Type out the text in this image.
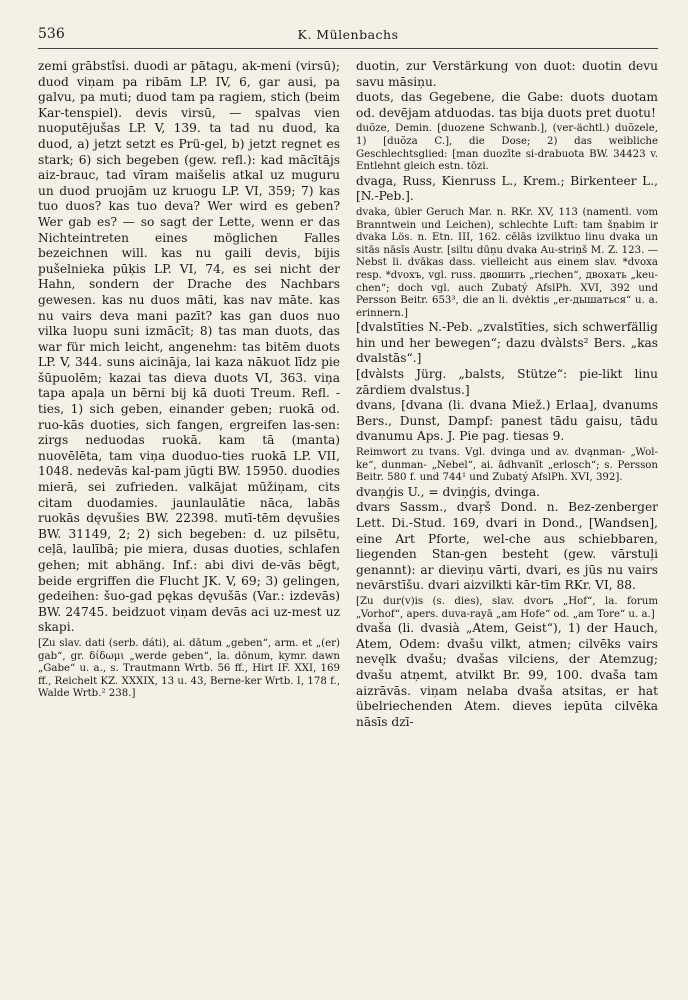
536	K. Mülenbachs

zemi grābstîsi. duodi ar pātagu, ak-meni (virsū); duod viņam pa ribām LP. IV, 6, gar ausi, pa galvu, pa muti; duod tam pa ragiem, stich (beim Kar-tenspiel). devis virsū, — spalvas vien nuoputējušas LP. V, 139. ta tad nu duod, ka duod, a) jetzt setzt es Prü-gel, b) jetzt regnet es stark; 6) sich begeben (gew. refl.): kad mācītājs aiz-brauc, tad vīram maišelis atkal uz muguru un duod pruojām uz kruogu LP. VI, 359; 7) kas tuo duos? kas tuo deva? Wer wird es geben? Wer gab es? — so sagt der Lette, wenn er das Nichteintreten eines möglichen Falles bezeichnen will. kas nu gaili devis, bijis pušelnieka pūķis LP. VI, 74, es sei nicht der Hahn, sondern der Drache des Nachbars gewesen. kas nu duos māti, kas nav māte. kas nu vairs deva mani pazīt? kas gan duos nuo vilka luopu suni izmācīt; 8) tas man duots, das war für mich leicht, angenehm: tas bitēm duots LP. V, 344. suns aicināja, lai kaza nākuot līdz pie šūpuolēm; kazai tas dieva duots VI, 363. viņa tapa apaļa un bērni bij kā duoti Treum. Refl. -ties, 1) sich geben, einander geben; ruokā od. ruo-kās duoties, sich fangen, ergreifen las-sen: zirgs neduodas ruokā. kam tā (manta) nuovēlēta, tam viņa duoduo-ties ruokā LP. VII, 1048. nedevās kal-pam jūgti BW. 15950. duodies mierā, sei zufrieden. valkājat mūžiņam, cits citam duodamies. jaunlaulātie nāca, labās ruokās dęvušies BW. 22398. mutī-tēm dęvušies BW. 31149, 2; 2) sich begeben: d. uz pilsētu, ceļā, laulībā; pie miera, dusas duoties, schlafen gehen; mit abhäng. Inf.: abi divi de-vās bēgt, beide ergriffen die Flucht JK. V, 69; 3) gelingen, gedeihen: šuo-gad pękas dęvušās (Var.: izdevās) BW. 24745. beidzuot viņam devās aci uz-mest uz skapi.

[Zu slav. dati (serb. dáti), ai. dātum „geben“, arm. et „(er) gab“, gr. δίδωμι „werde geben“, la. dōnum, kymr. dawn „Gabe“ u. a., s. Trautmann Wrtb. 56 ff., Hirt IF. XXI, 169 ff., Reichelt KZ. XXXIX, 13 u. 43, Berne-ker Wrtb. I, 178 f., Walde Wrtb.² 238.]

duotin, zur Verstärkung von duot: duotin devu savu māsiņu.

duots, das Gegebene, die Gabe: duots duotam od. devējam atduodas. tas bija duots pret duotu!

duõze, Demin. [duozene Schwanb.], (ver-ächtl.) duõzele, 1) [duõza C.], die Dose; 2) das weibliche Geschlechtsglied: [man duozīte si-drabuota BW. 34423 v. Entlehnt gleich estn. tōzi.

dvaga, Russ, Kienruss L., Krem.; Birkenteer L., [N.-Peb.].

dvaka, übler Geruch Mar. n. RKr. XV, 113 (namentl. vom Branntwein und Leichen), schlechte Luft: tam šņabim ir dvaka Lös. n. Etn. III, 162. cēlās izvilktuo linu dvaka un sitās nāsīs Austr. [siltu dūņu dvaka Au-striņš M. Z. 123. — Nebst li. dvākas dass. vielleicht aus einem slav. *dvoxa resp. *dvoxъ, vgl. russ. двошить „riechen“, двохать „keu-chen“; doch vgl. auch Zubatý AfslPh. XVI, 392 und Persson Beitr. 653³, die an li. dvėktis „er-дышаться“ u. a. erinnern.]

[dvalstīties N.-Peb. „zvalstīties, sich schwerfällig hin und her bewegen“; dazu dvàlsts² Bers. „kas dvalstās“.]

[dvàlsts Jürg. „balsts, Stütze“: pie-likt linu zārdiem dvalstus.]

dvans, [dvana (li. dvana Miež.) Erlaa], dvanums Bers., Dunst, Dampf: panest tādu gaisu, tādu dvanumu Aps. J. Pie pag. tiesas 9.

Reimwort zu tvans. Vgl. dvinga und av. dvąnman- „Wol-ke“, dunman- „Nebel“, ai. ādhvanīt „erlosch“; s. Persson Beitr. 580 f. und 744¹ und Zubatý AfslPh. XVI, 392].

dvaņģis U., = dviņģis, dvinga.

dvars Sassm., dvaŗš Dond. n. Bez-zenberger Lett. Di.-Stud. 169, dvari in Dond., [Wandsen], eine Art Pforte, wel-che aus schiebbaren, liegenden Stan-gen besteht (gew. vārstuļi genannt): ar dieviņu vārti, dvari, es jūs nu vairs nevārstīšu. dvari aizvilkti kār-tīm RKr. VI, 88.

[Zu dur(v)is (s. dies), slav. dvorъ „Hof“, la. forum „Vorhof“, apers. duva-rayā „am Hofe“ od. „am Tore“ u. a.]

dvaša (li. dvasià „Atem, Geist“), 1) der Hauch, Atem, Odem: dvašu vilkt, atmen; cilvēks vairs nevęlk dvašu; dvašas vilciens, der Atemzug; dvašu atņemt, atvilkt Br. 99, 100. dvaša tam aizrāvās. viņam nelaba dvaša atsitas, er hat übelriechenden Atem. dieves iepūta cilvēka nāsīs dzī-
